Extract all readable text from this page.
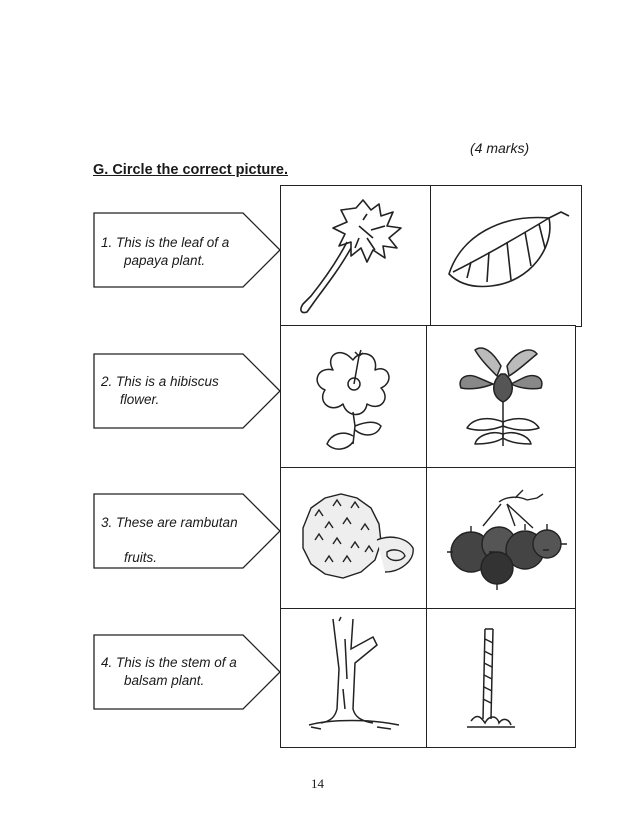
(4 marks)
G. Circle the correct picture.
1. This is the leaf of a
papaya plant.
2. This is a hibiscus
flower.
3. These are rambutan
fruits.
4. This is the stem of a
balsam plant.
14
